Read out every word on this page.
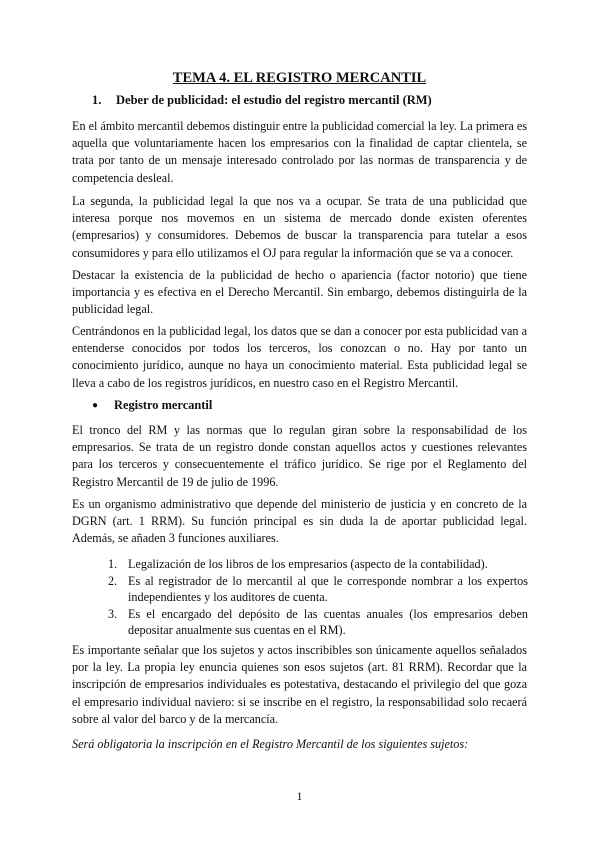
TEMA 4. EL REGISTRO MERCANTIL

1. Deber de publicidad: el estudio del registro mercantil (RM)

En el ámbito mercantil debemos distinguir entre la publicidad comercial la ley. La primera es aquella que voluntariamente hacen los empresarios con la finalidad de captar clientela, se trata por tanto de un mensaje interesado controlado por las normas de transparencia y de competencia desleal.

La segunda, la publicidad legal la que nos va a ocupar. Se trata de una publicidad que interesa porque nos movemos en un sistema de mercado donde existen oferentes (empresarios) y consumidores. Debemos de buscar la transparencia para tutelar a esos consumidores y para ello utilizamos el OJ para regular la información que se va a conocer.

Destacar la existencia de la publicidad de hecho o apariencia (factor notorio) que tiene importancia y es efectiva en el Derecho Mercantil. Sin embargo, debemos distinguirla de la publicidad legal.

Centrándonos en la publicidad legal, los datos que se dan a conocer por esta publicidad van a entenderse conocidos por todos los terceros, los conozcan o no. Hay por tanto un conocimiento jurídico, aunque no haya un conocimiento material. Esta publicidad legal se lleva a cabo de los registros jurídicos, en nuestro caso en el Registro Mercantil.

● Registro mercantil

El tronco del RM y las normas que lo regulan giran sobre la responsabilidad de los empresarios. Se trata de un registro donde constan aquellos actos y cuestiones relevantes para los terceros y consecuentemente el tráfico jurídico. Se rige por el Reglamento del Registro Mercantil de 19 de julio de 1996.

Es un organismo administrativo que depende del ministerio de justicia y en concreto de la DGRN (art. 1 RRM). Su función principal es sin duda la de aportar publicidad legal. Además, se añaden 3 funciones auxiliares.

1. Legalización de los libros de los empresarios (aspecto de la contabilidad).
2. Es al registrador de lo mercantil al que le corresponde nombrar a los expertos independientes y los auditores de cuenta.
3. Es el encargado del depósito de las cuentas anuales (los empresarios deben depositar anualmente sus cuentas en el RM).

Es importante señalar que los sujetos y actos inscribibles son únicamente aquellos señalados por la ley. La propia ley enuncia quienes son esos sujetos (art. 81 RRM). Recordar que la inscripción de empresarios individuales es potestativa, destacando el privilegio del que goza el empresario individual naviero: si se inscribe en el registro, la responsabilidad solo recaerá sobre al valor del barco y de la mercancía.

Será obligatoria la inscripción en el Registro Mercantil de los siguientes sujetos:

1
